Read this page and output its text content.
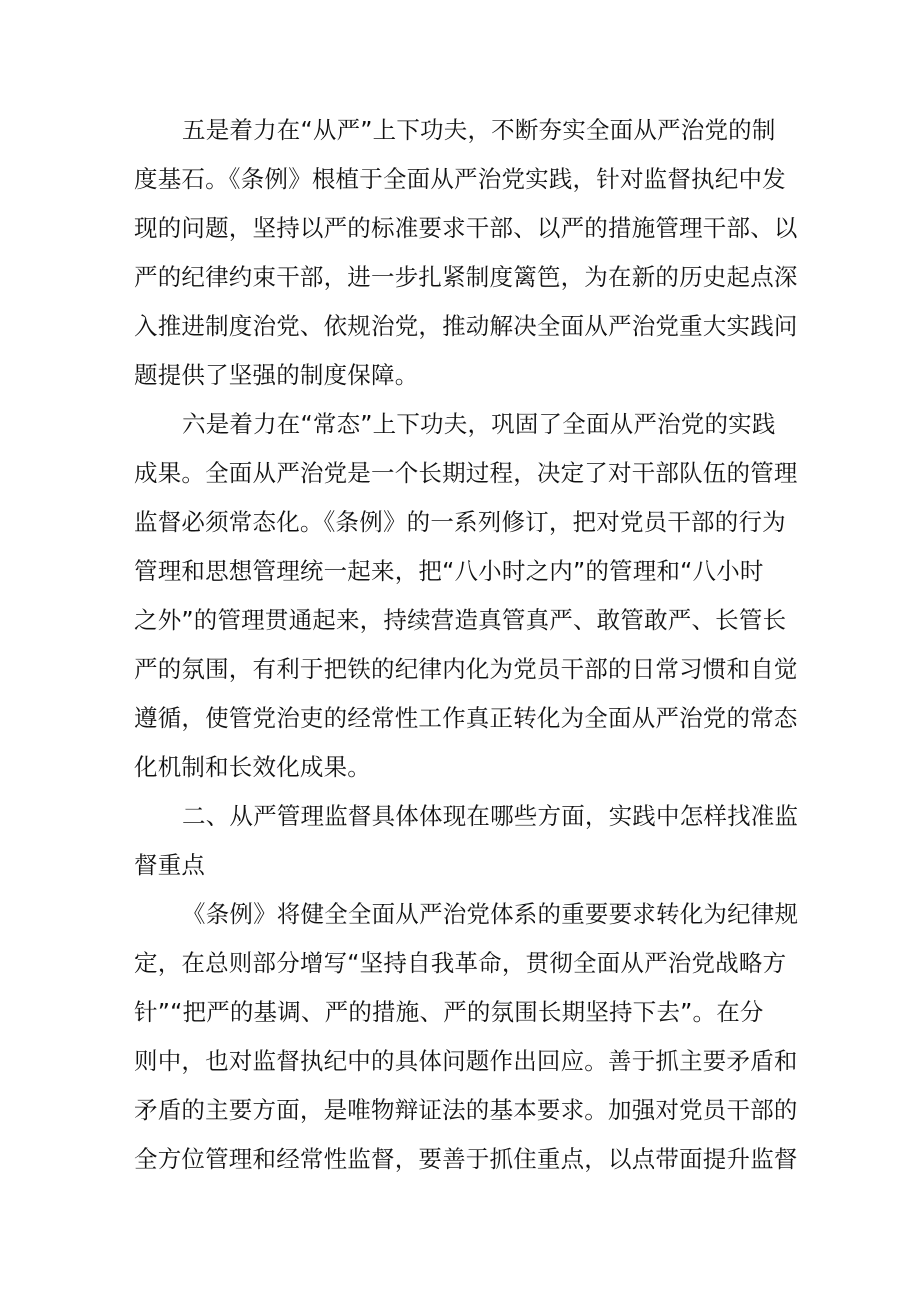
五是着力在“从严”上下功夫，不断夯实全面从严治党的制
度基石。《条例》根植于全面从严治党实践，针对监督执纪中发
现的问题，坚持以严的标准要求干部、以严的措施管理干部、以
严的纪律约束干部，进一步扎紧制度篱笆，为在新的历史起点深
入推进制度治党、依规治党，推动解决全面从严治党重大实践问
题提供了坚强的制度保障。
六是着力在“常态”上下功夫，巩固了全面从严治党的实践
成果。全面从严治党是一个长期过程，决定了对干部队伍的管理
监督必须常态化。《条例》的一系列修订，把对党员干部的行为
管理和思想管理统一起来，把“八小时之内”的管理和“八小时
之外”的管理贯通起来，持续营造真管真严、敢管敢严、长管长
严的氛围，有利于把铁的纪律内化为党员干部的日常习惯和自觉
遵循，使管党治吏的经常性工作真正转化为全面从严治党的常态
化机制和长效化成果。
二、从严管理监督具体体现在哪些方面，实践中怎样找准监
督重点
《条例》将健全全面从严治党体系的重要要求转化为纪律规
定，在总则部分增写“坚持自我革命，贯彻全面从严治党战略方
针”“把严的基调、严的措施、严的氛围长期坚持下去”。在分
则中，也对监督执纪中的具体问题作出回应。善于抓主要矛盾和
矛盾的主要方面，是唯物辩证法的基本要求。加强对党员干部的
全方位管理和经常性监督，要善于抓住重点，以点带面提升监督
